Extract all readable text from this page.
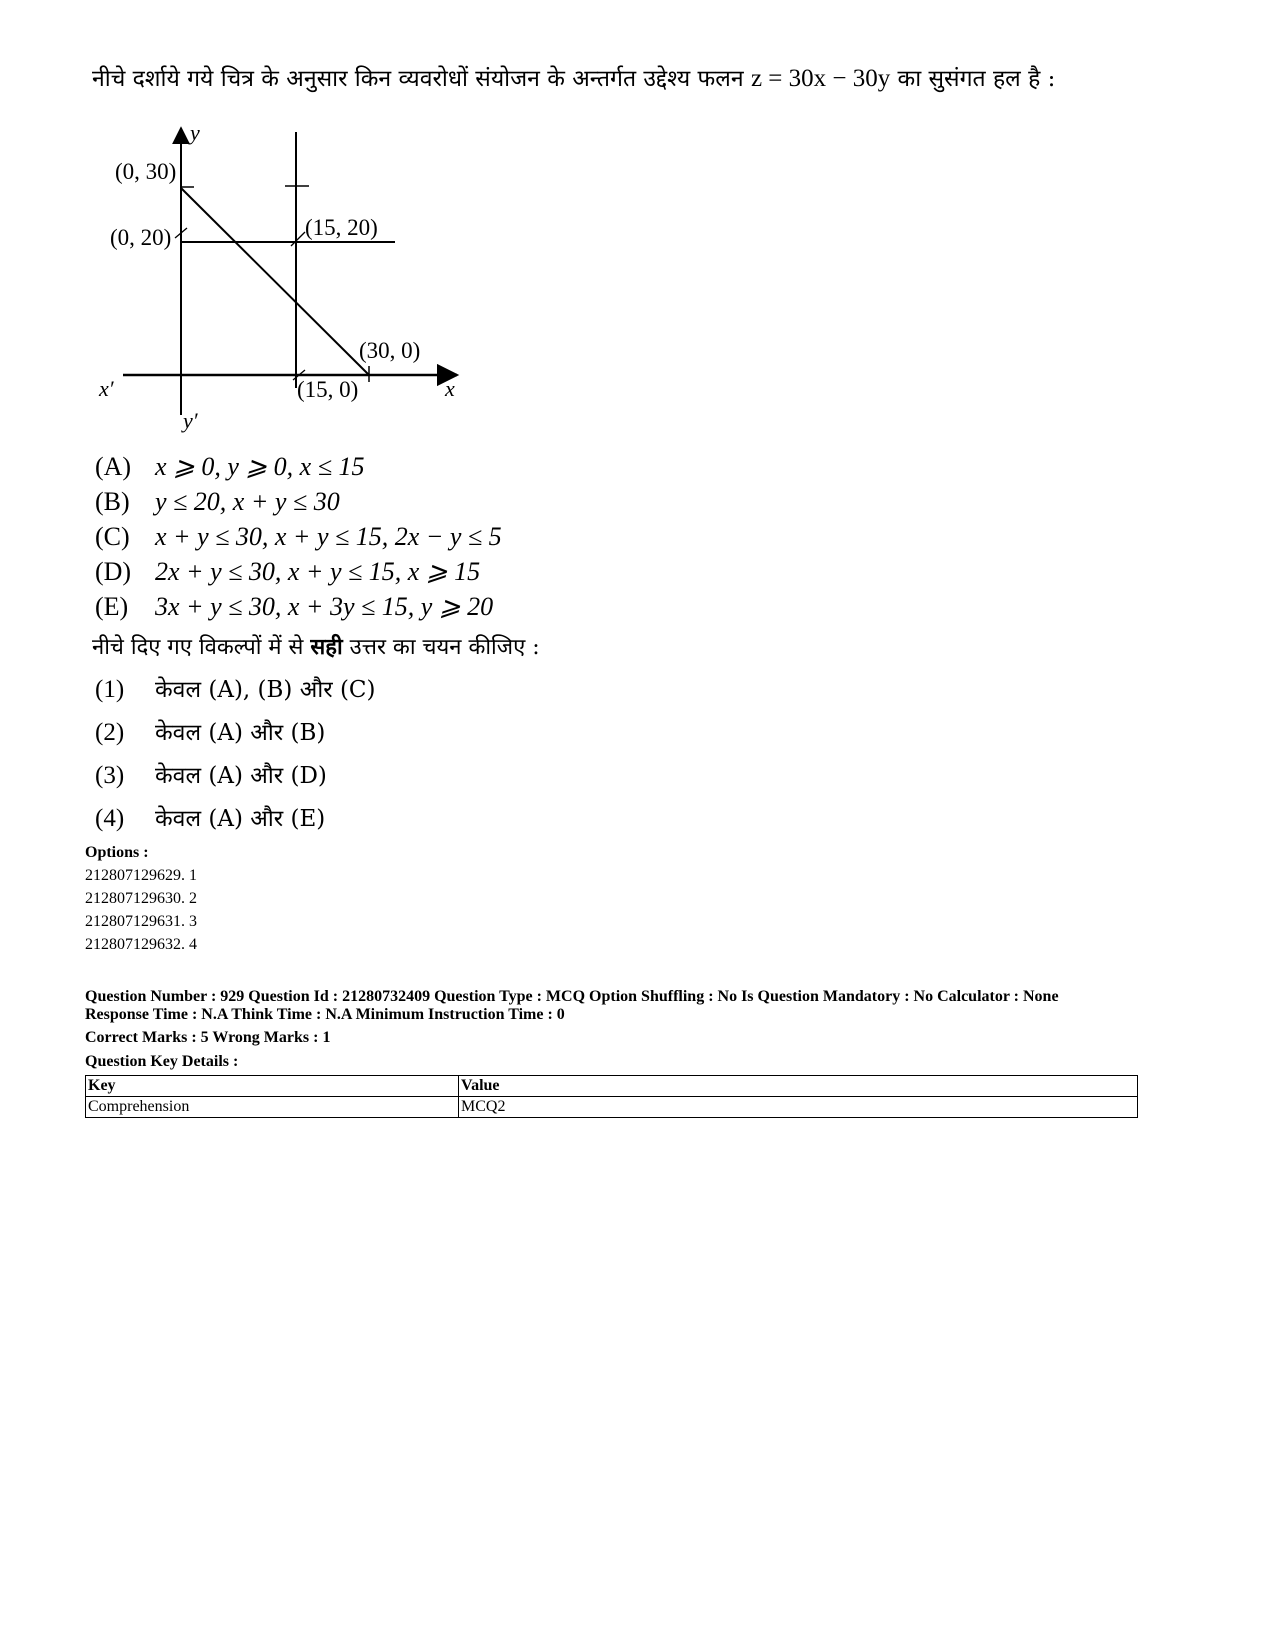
नीचे दर्शाये गये चित्र के अनुसार किन व्यवरोधों संयोजन के अन्तर्गत उद्देश्य फलन z = 30x − 30y का सुसंगत हल है :
y
y′
x′	x
(0, 30)
(0, 20)	(15, 20)
(30, 0)
(15, 0)
(A) x ⩾ 0, y ⩾ 0, x ≤ 15
(B) y ≤ 20, x + y ≤ 30
(C) x + y ≤ 30, x + y ≤ 15, 2x − y ≤ 5
(D) 2x + y ≤ 30, x + y ≤ 15, x ⩾ 15
(E) 3x + y ≤ 30, x + 3y ≤ 15, y ⩾ 20
नीचे दिए गए विकल्पों में से सही उत्तर का चयन कीजिए :
(1) केवल (A), (B) और (C)
(2) केवल (A) और (B)
(3) केवल (A) और (D)
(4) केवल (A) और (E)
Options :
212807129629. 1
212807129630. 2
212807129631. 3
212807129632. 4
Question Number : 929 Question Id : 21280732409 Question Type : MCQ Option Shuffling : No Is Question Mandatory : No Calculator : None
Response Time : N.A Think Time : N.A Minimum Instruction Time : 0
Correct Marks : 5 Wrong Marks : 1
Question Key Details :
Key	Value
Comprehension	MCQ2
